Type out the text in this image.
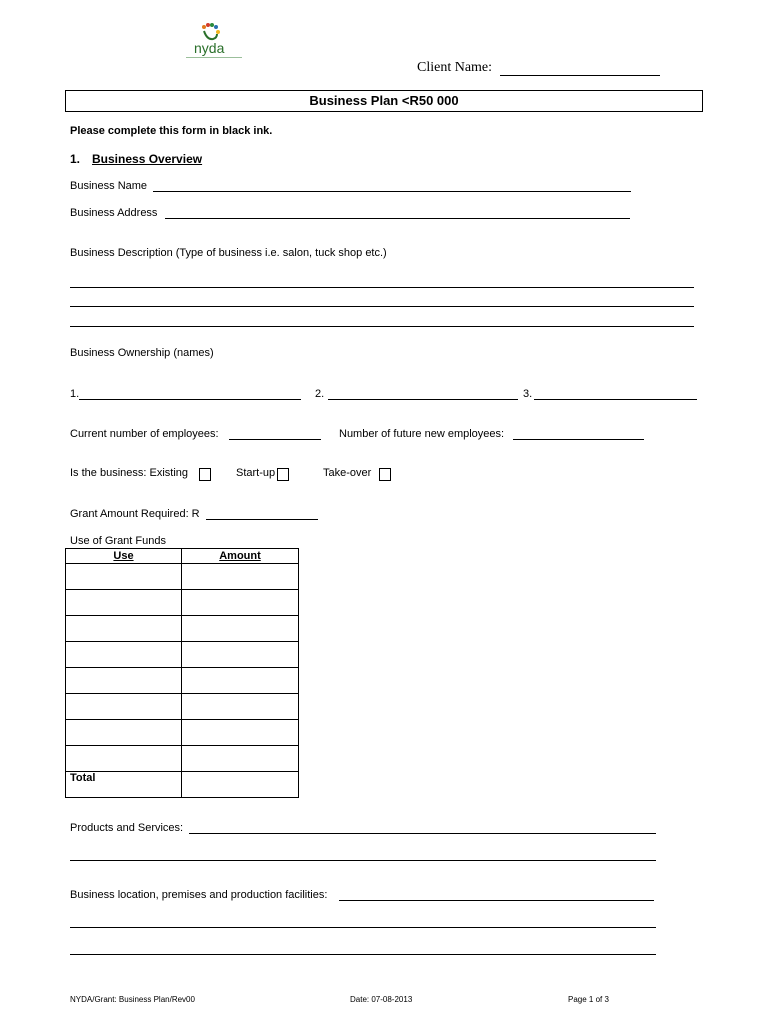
nyda
Client Name:
Business Plan <R50 000
Please complete this form in black ink.
1. Business Overview
Business Name
Business Address
Business Description (Type of business i.e. salon, tuck shop etc.)
Business Ownership (names)
1.	2.	3.
Current number of employees:	Number of future new employees:
Is the business: Existing	Start-up	Take-over
Grant Amount Required: R
Use of Grant Funds
Use	Amount

Total	
Products and Services:
Business location, premises and production facilities:
NYDA/Grant: Business Plan/Rev00	Date: 07-08-2013	Page 1 of 3
